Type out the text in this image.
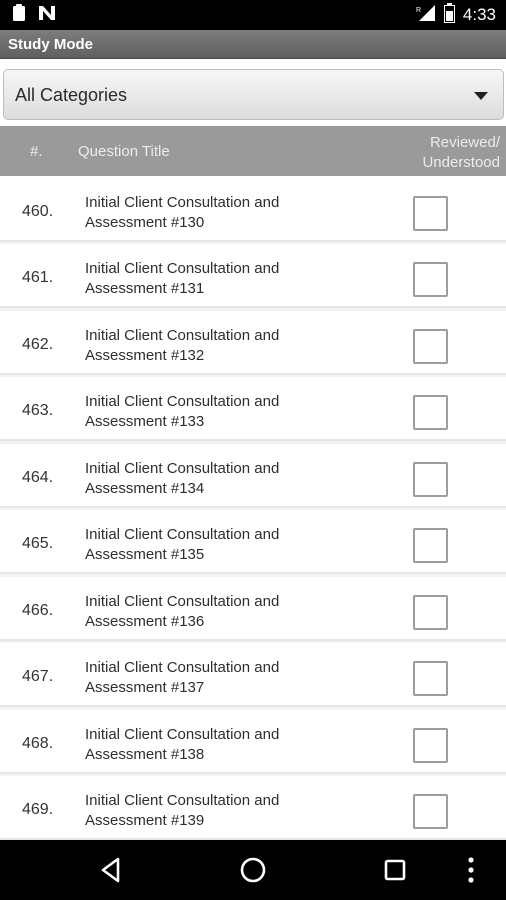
R 4:33
Study Mode
All Categories
#. Question Title
Reviewed/
Understood
460.
Initial Client Consultation and
Assessment #130
461.
Initial Client Consultation and
Assessment #131
462.
Initial Client Consultation and
Assessment #132
463.
Initial Client Consultation and
Assessment #133
464.
Initial Client Consultation and
Assessment #134
465.
Initial Client Consultation and
Assessment #135
466.
Initial Client Consultation and
Assessment #136
467.
Initial Client Consultation and
Assessment #137
468.
Initial Client Consultation and
Assessment #138
469.
Initial Client Consultation and
Assessment #139
